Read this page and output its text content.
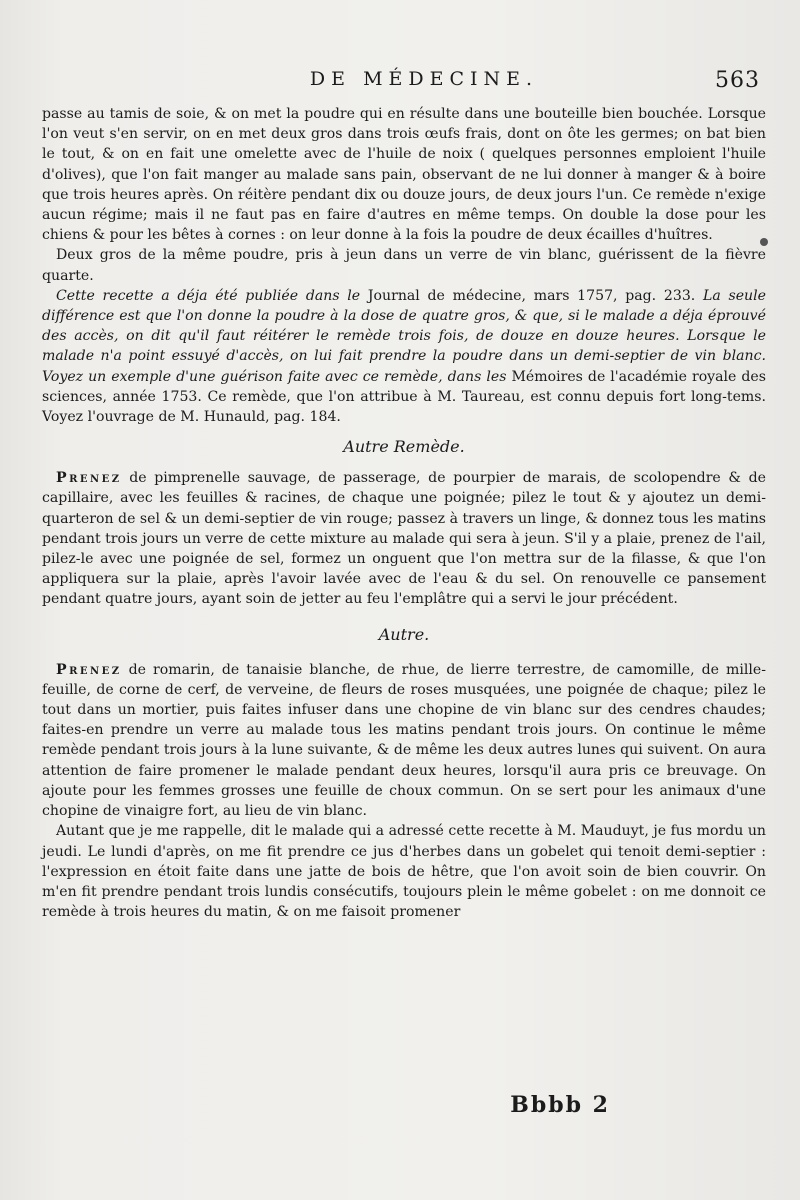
DE MÉDECINE.	563

passe au tamis de soie, & on met la poudre qui en résulte dans une bouteille bien bouchée. Lorsque l'on veut s'en servir, on en met deux gros dans trois œufs frais, dont on ôte les germes; on bat bien le tout, & on en fait une omelette avec de l'huile de noix ( quelques personnes emploient l'huile d'olives), que l'on fait manger au malade sans pain, observant de ne lui donner à manger & à boire que trois heures après. On réitère pendant dix ou douze jours, de deux jours l'un. Ce remède n'exige aucun régime; mais il ne faut pas en faire d'autres en même temps. On double la dose pour les chiens & pour les bêtes à cornes : on leur donne à la fois la poudre de deux écailles d'huîtres.

Deux gros de la même poudre, pris à jeun dans un verre de vin blanc, guérissent de la fièvre quarte.

Cette recette a déja été publiée dans le Journal de médecine, mars 1757, pag. 233. La seule différence est que l'on donne la poudre à la dose de quatre gros, & que, si le malade a déja éprouvé des accès, on dit qu'il faut réitérer le remède trois fois, de douze en douze heures. Lorsque le malade n'a point essuyé d'accès, on lui fait prendre la poudre dans un demi-septier de vin blanc. Voyez un exemple d'une guérison faite avec ce remède, dans les Mémoires de l'académie royale des sciences, année 1753. Ce remède, que l'on attribue à M. Taureau, est connu depuis fort long-tems. Voyez l'ouvrage de M. Hunauld, pag. 184.

Autre Remède.

Prenez de pimprenelle sauvage, de passerage, de pourpier de marais, de scolopendre & de capillaire, avec les feuilles & racines, de chaque une poignée; pilez le tout & y ajoutez un demi-quarteron de sel & un demi-septier de vin rouge; passez à travers un linge, & donnez tous les matins pendant trois jours un verre de cette mixture au malade qui sera à jeun. S'il y a plaie, prenez de l'ail, pilez-le avec une poignée de sel, formez un onguent que l'on mettra sur de la filasse, & que l'on appliquera sur la plaie, après l'avoir lavée avec de l'eau & du sel. On renouvelle ce pansement pendant quatre jours, ayant soin de jetter au feu l'emplâtre qui a servi le jour précédent.

Autre.

Prenez de romarin, de tanaisie blanche, de rhue, de lierre terrestre, de camomille, de mille-feuille, de corne de cerf, de verveine, de fleurs de roses musquées, une poignée de chaque; pilez le tout dans un mortier, puis faites infuser dans une chopine de vin blanc sur des cendres chaudes; faites-en prendre un verre au malade tous les matins pendant trois jours. On continue le même remède pendant trois jours à la lune suivante, & de même les deux autres lunes qui suivent. On aura attention de faire promener le malade pendant deux heures, lorsqu'il aura pris ce breuvage. On ajoute pour les femmes grosses une feuille de choux commun. On se sert pour les animaux d'une chopine de vinaigre fort, au lieu de vin blanc.

Autant que je me rappelle, dit le malade qui a adressé cette recette à M. Mauduyt, je fus mordu un jeudi. Le lundi d'après, on me fit prendre ce jus d'herbes dans un gobelet qui tenoit demi-septier : l'expression en étoit faite dans une jatte de bois de hêtre, que l'on avoit soin de bien couvrir. On m'en fit prendre pendant trois lundis consécutifs, toujours plein le même gobelet : on me donnoit ce remède à trois heures du matin, & on me faisoit promener

Bbbb 2
